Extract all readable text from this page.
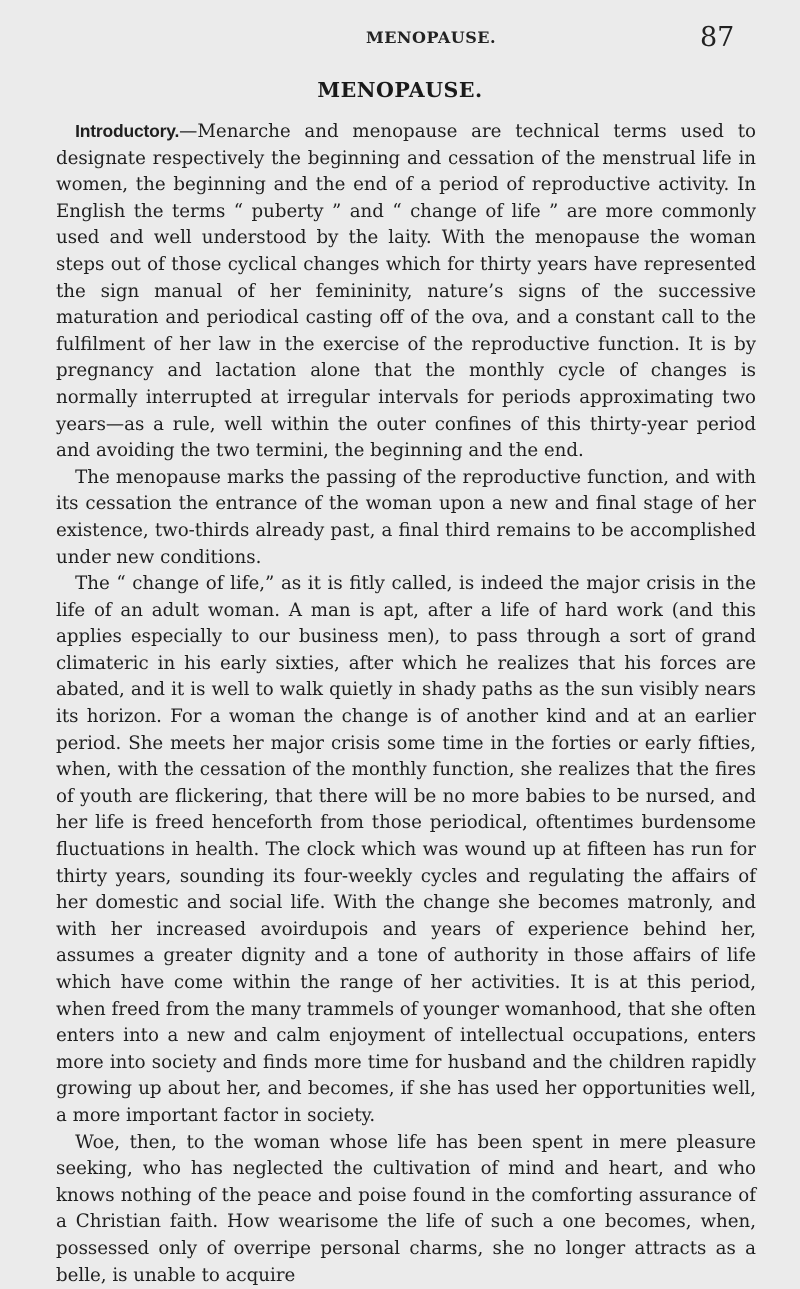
MENOPAUSE.	87
MENOPAUSE.

Introductory.—Menarche and menopause are technical terms used to designate respectively the beginning and cessation of the menstrual life in women, the beginning and the end of a period of reproductive activity. In English the terms “ puberty ” and “ change of life ” are more commonly used and well understood by the laity. With the menopause the woman steps out of those cyclical changes which for thirty years have represented the sign manual of her femininity, nature’s signs of the successive maturation and periodical casting off of the ova, and a constant call to the fulfilment of her law in the exercise of the reproductive function. It is by pregnancy and lactation alone that the monthly cycle of changes is normally interrupted at irregular intervals for periods approximating two years—as a rule, well within the outer confines of this thirty-year period and avoiding the two termini, the beginning and the end.

The menopause marks the passing of the reproductive function, and with its cessation the entrance of the woman upon a new and final stage of her existence, two-thirds already past, a final third remains to be accomplished under new conditions.

The “ change of life,” as it is fitly called, is indeed the major crisis in the life of an adult woman. A man is apt, after a life of hard work (and this applies especially to our business men), to pass through a sort of grand climateric in his early sixties, after which he realizes that his forces are abated, and it is well to walk quietly in shady paths as the sun visibly nears its horizon. For a woman the change is of another kind and at an earlier period. She meets her major crisis some time in the forties or early fifties, when, with the cessation of the monthly function, she realizes that the fires of youth are flickering, that there will be no more babies to be nursed, and her life is freed henceforth from those periodical, oftentimes burdensome fluctuations in health. The clock which was wound up at fifteen has run for thirty years, sounding its four-weekly cycles and regulating the affairs of her domestic and social life. With the change she becomes matronly, and with her increased avoirdupois and years of experience behind her, assumes a greater dignity and a tone of authority in those affairs of life which have come within the range of her activities. It is at this period, when freed from the many trammels of younger womanhood, that she often enters into a new and calm enjoyment of intellectual occupations, enters more into society and finds more time for husband and the children rapidly growing up about her, and becomes, if she has used her opportunities well, a more important factor in society.

Woe, then, to the woman whose life has been spent in mere pleasure seeking, who has neglected the cultivation of mind and heart, and who knows nothing of the peace and poise found in the comforting assurance of a Christian faith. How wearisome the life of such a one becomes, when, possessed only of overripe personal charms, she no longer attracts as a belle, is unable to acquire
